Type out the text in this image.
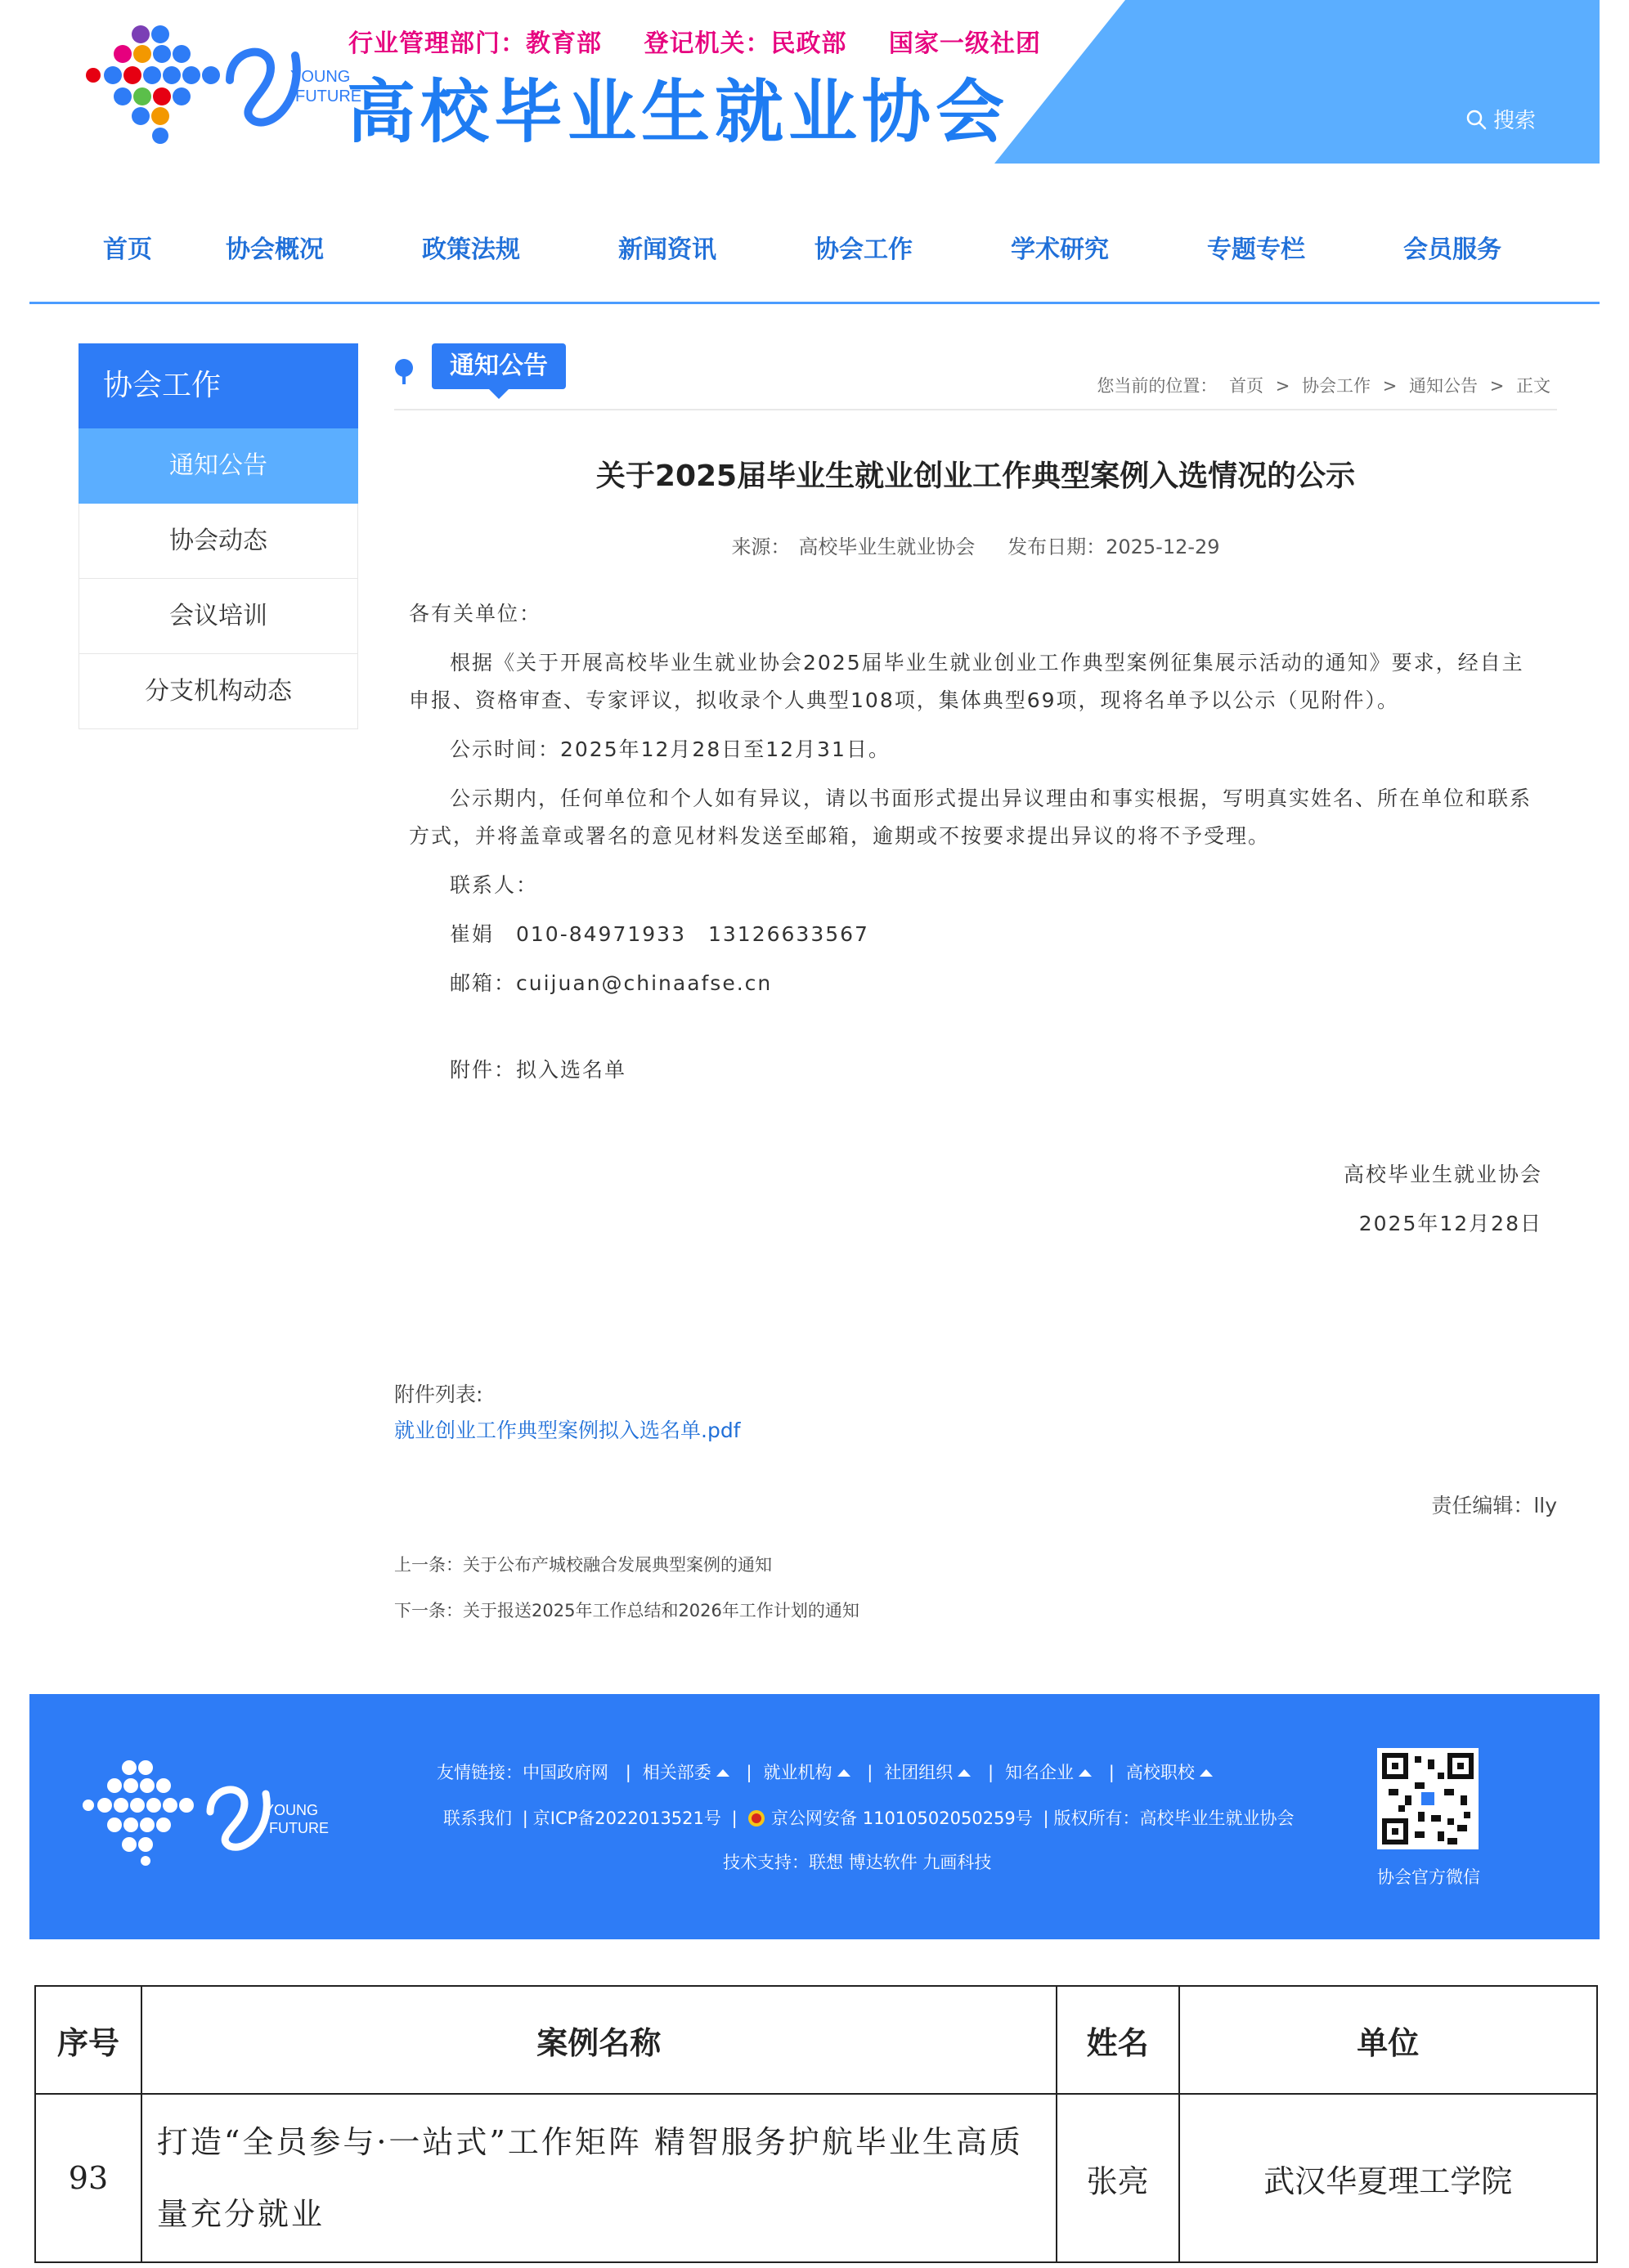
YOUNG
FUTURE
行业管理部门：教育部 登记机关：民政部 国家一级社团
高校毕业生就业协会	搜索
首页	协会概况	政策法规	新闻资讯	协会工作	学术研究	专题专栏	会员服务
协会工作
通知公告
协会动态
会议培训
分支机构动态
通知公告
您当前的位置： 首页 > 协会工作 > 通知公告 > 正文
关于2025届毕业生就业创业工作典型案例入选情况的公示
来源： 高校毕业生就业协会 发布日期：2025-12-29

各有关单位：

根据《关于开展高校毕业生就业协会2025届毕业生就业创业工作典型案例征集展示活动的通知》要求，经自主申报、资格审查、专家评议，拟收录个人典型108项，集体典型69项，现将名单予以公示（见附件）。

公示时间：2025年12月28日至12月31日。

公示期内，任何单位和个人如有异议，请以书面形式提出异议理由和事实根据，写明真实姓名、所在单位和联系方式，并将盖章或署名的意见材料发送至邮箱，逾期或不按要求提出异议的将不予受理。

联系人：

崔娟　010-84971933　13126633567

邮箱：cuijuan@chinaafse.cn

附件：拟入选名单

高校毕业生就业协会

2025年12月28日

附件列表:
就业创业工作典型案例拟入选名单.pdf
责任编辑：lly
上一条：关于公布产城校融合发展典型案例的通知
下一条：关于报送2025年工作总结和2026年工作计划的通知
YOUNG
FUTURE
友情链接：中国政府网 | 相关部委 | 就业机构 | 社团组织 | 知名企业 | 高校职校
联系我们 | 京ICP备2022013521号 | 京公网安备 11010502050259号 | 版权所有：高校毕业生就业协会
技术支持：联想 博达软件 九画科技
协会官方微信
序号	案例名称	姓名	单位
93	打造“全员参与·一站式”工作矩阵 精智服务护航毕业生高质量充分就业	张亮	武汉华夏理工学院
